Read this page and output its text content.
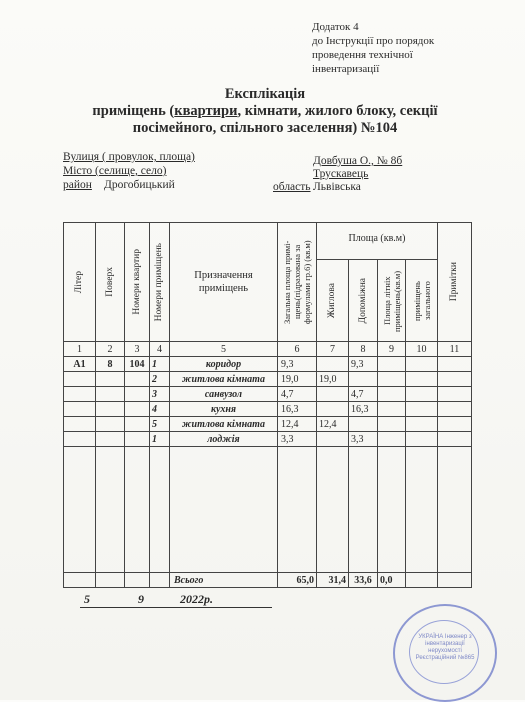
Додаток 4
до Інструкції про порядок
проведення технічної
інвентаризації
Експлікація
приміщень (квартири, кімнати, жилого блоку, секції
посімейного, спільного заселення) №104
Вулиця ( провулок, площа)	Довбуша О., № 8б
Місто (селище, село)	Трускавець
район Дрогобицький	область Львівська
Літер	Поверх	Номери квартир	Номери приміщень	Призначення приміщень	Загальна площа примі-щень(підрахована за формулами гр.6) (кв.м)	Площа (кв.м)				Примітки

						Жиглова	Допоміжна	Площа літніх приміщень(кв.м)	приміщень загального	

1	2	3	4	5	6	7	8	9	10	11
А1	8	104	1	коридор	9,3		9,3			
			2	житлова кімната	19,0	19,0				
			3	санвузол	4,7		4,7			
			4	кухня	16,3		16,3			
			5	житлова кімната	12,4	12,4				
			1	лоджія	3,3		3,3			

				Всього	65,0	31,4	33,6	0,0		
5	9	2022р.
УКРАЇНА Інженер з інвентаризації нерухомості Реєстраційний №865
